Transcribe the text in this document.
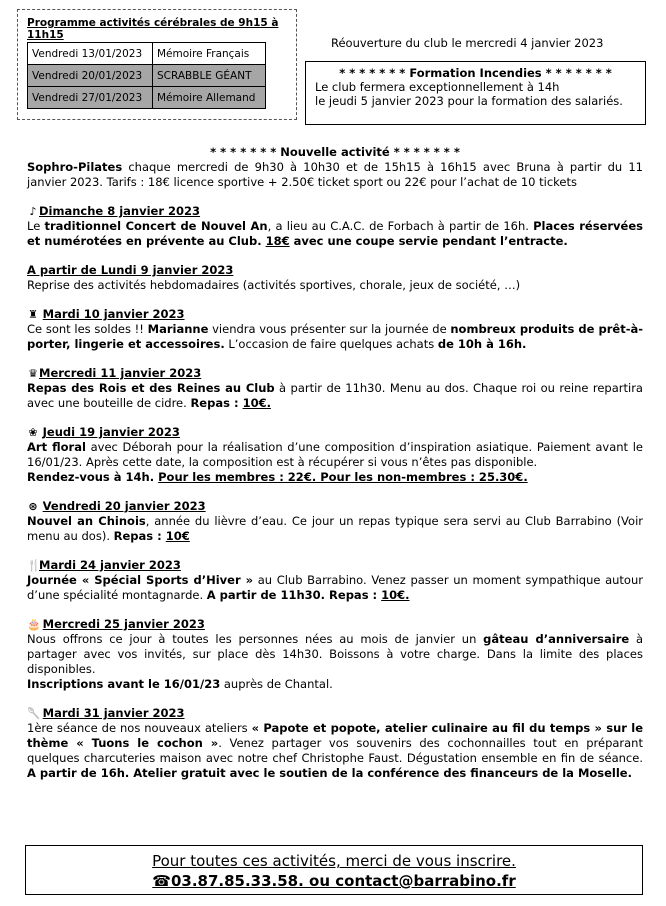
Programme activités cérébrales de 9h15 à 11h15
Vendredi 13/01/2023	Mémoire Français
Vendredi 20/01/2023	SCRABBLE GÉANT
Vendredi 27/01/2023	Mémoire Allemand
Réouverture du club le mercredi 4 janvier 2023
* * * * * * * Formation Incendies * * * * * * *
Le club fermera exceptionnellement à 14h
le jeudi 5 janvier 2023 pour la formation des salariés.
* * * * * * * Nouvelle activité * * * * * * *

Sophro-Pilates chaque mercredi de 9h30 à 10h30 et de 15h15 à 16h15 avec Bruna à partir du 11 janvier 2023. Tarifs : 18€ licence sportive + 2.50€ ticket sport ou 22€ pour l’achat de 10 tickets

♪ Dimanche 8 janvier 2023
Le traditionnel Concert de Nouvel An, a lieu au C.A.C. de Forbach à partir de 16h. Places réservées et numérotées en prévente au Club. 18€ avec une coupe servie pendant l’entracte.

A partir de Lundi 9 janvier 2023
Reprise des activités hebdomadaires (activités sportives, chorale, jeux de société, …)

♜ Mardi 10 janvier 2023
Ce sont les soldes !! Marianne viendra vous présenter sur la journée de nombreux produits de prêt-à-porter, lingerie et accessoires. L’occasion de faire quelques achats de 10h à 16h.

♛Mercredi 11 janvier 2023
Repas des Rois et des Reines au Club à partir de 11h30. Menu au dos. Chaque roi ou reine repartira avec une bouteille de cidre. Repas : 10€.

❀ Jeudi 19 janvier 2023
Art floral avec Déborah pour la réalisation d’une composition d’inspiration asiatique. Paiement avant le 16/01/23. Après cette date, la composition est à récupérer si vous n’êtes pas disponible.
Rendez-vous à 14h. Pour les membres : 22€. Pour les non-membres : 25.30€.

⊛ Vendredi 20 janvier 2023
Nouvel an Chinois, année du lièvre d’eau. Ce jour un repas typique sera servi au Club Barrabino (Voir menu au dos). Repas : 10€

🍴Mardi 24 janvier 2023
Journée « Spécial Sports d’Hiver » au Club Barrabino. Venez passer un moment sympathique autour d’une spécialité montagnarde. A partir de 11h30. Repas : 10€.

🎂 Mercredi 25 janvier 2023
Nous offrons ce jour à toutes les personnes nées au mois de janvier un gâteau d’anniversaire à partager avec vos invités, sur place dès 14h30. Boissons à votre charge. Dans la limite des places disponibles.
Inscriptions avant le 16/01/23 auprès de Chantal.

🥄 Mardi 31 janvier 2023
1ère séance de nos nouveaux ateliers « Papote et popote, atelier culinaire au fil du temps » sur le thème « Tuons le cochon ». Venez partager vos souvenirs des cochonnailles tout en préparant quelques charcuteries maison avec notre chef Christophe Faust. Dégustation ensemble en fin de séance. A partir de 16h. Atelier gratuit avec le soutien de la conférence des financeurs de la Moselle.

Pour toutes ces activités, merci de vous inscrire.
☎03.87.85.33.58. ou contact@barrabino.fr
